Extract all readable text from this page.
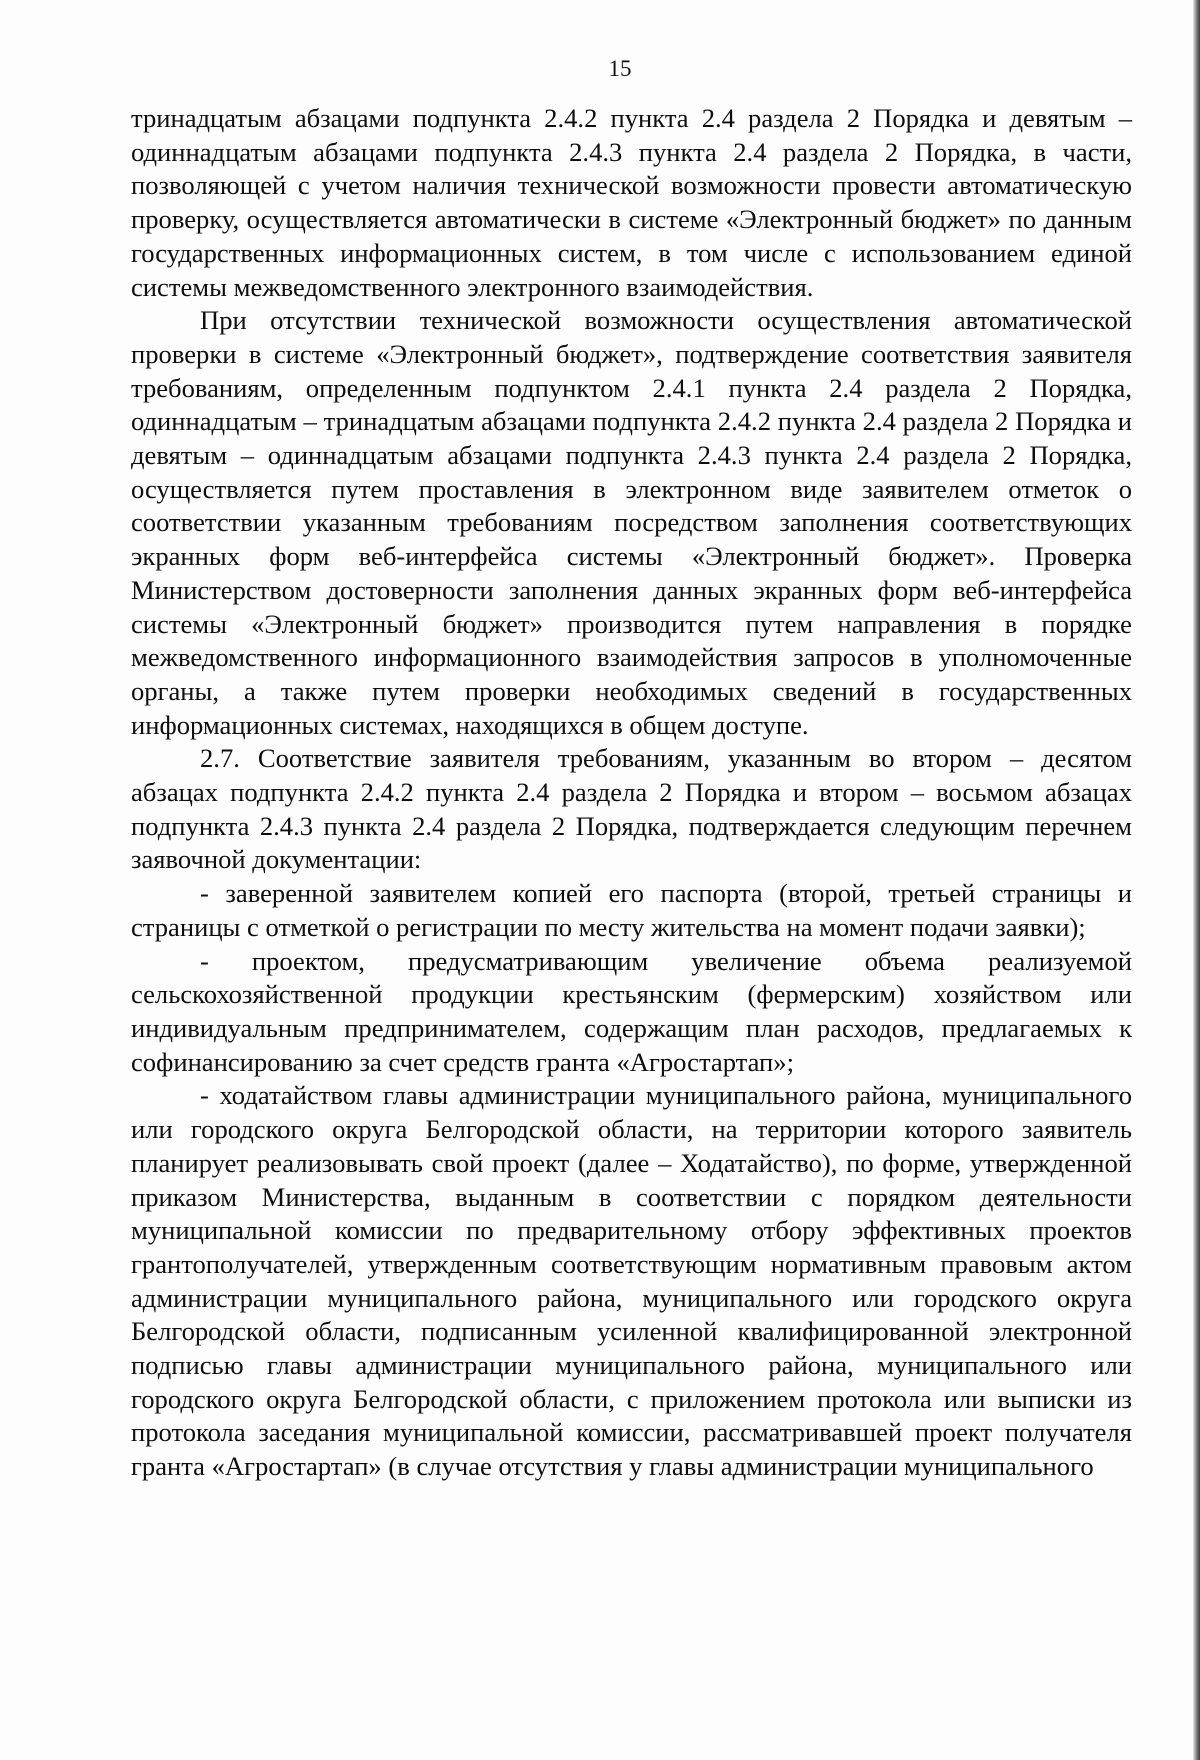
15

тринадцатым абзацами подпункта 2.4.2 пункта 2.4 раздела 2 Порядка и девятым – одиннадцатым абзацами подпункта 2.4.3 пункта 2.4 раздела 2 Порядка, в части, позволяющей с учетом наличия технической возможности провести автоматическую проверку, осуществляется автоматически в системе «Электронный бюджет» по данным государственных информационных систем, в том числе с использованием единой системы межведомственного электронного взаимодействия.

При отсутствии технической возможности осуществления автоматической проверки в системе «Электронный бюджет», подтверждение соответствия заявителя требованиям, определенным подпунктом 2.4.1 пункта 2.4 раздела 2 Порядка, одиннадцатым – тринадцатым абзацами подпункта 2.4.2 пункта 2.4 раздела 2 Порядка и девятым – одиннадцатым абзацами подпункта 2.4.3 пункта 2.4 раздела 2 Порядка, осуществляется путем проставления в электронном виде заявителем отметок о соответствии указанным требованиям посредством заполнения соответствующих экранных форм веб-интерфейса системы «Электронный бюджет». Проверка Министерством достоверности заполнения данных экранных форм веб-интерфейса системы «Электронный бюджет» производится путем направления в порядке межведомственного информационного взаимодействия запросов в уполномоченные органы, а также путем проверки необходимых сведений в государственных информационных системах, находящихся в общем доступе.

2.7. Соответствие заявителя требованиям, указанным во втором – десятом абзацах подпункта 2.4.2 пункта 2.4 раздела 2 Порядка и втором – восьмом абзацах подпункта 2.4.3 пункта 2.4 раздела 2 Порядка, подтверждается следующим перечнем заявочной документации:

- заверенной заявителем копией его паспорта (второй, третьей страницы и страницы с отметкой о регистрации по месту жительства на момент подачи заявки);

- проектом, предусматривающим увеличение объема реализуемой сельскохозяйственной продукции крестьянским (фермерским) хозяйством или индивидуальным предпринимателем, содержащим план расходов, предлагаемых к софинансированию за счет средств гранта «Агростартап»;

- ходатайством главы администрации муниципального района, муниципального или городского округа Белгородской области, на территории которого заявитель планирует реализовывать свой проект (далее – Ходатайство), по форме, утвержденной приказом Министерства, выданным в соответствии с порядком деятельности муниципальной комиссии по предварительному отбору эффективных проектов грантополучателей, утвержденным соответствующим нормативным правовым актом администрации муниципального района, муниципального или городского округа Белгородской области, подписанным усиленной квалифицированной электронной подписью главы администрации муниципального района, муниципального или городского округа Белгородской области, с приложением протокола или выписки из протокола заседания муниципальной комиссии, рассматривавшей проект получателя гранта «Агростартап» (в случае отсутствия у главы администрации муниципального
